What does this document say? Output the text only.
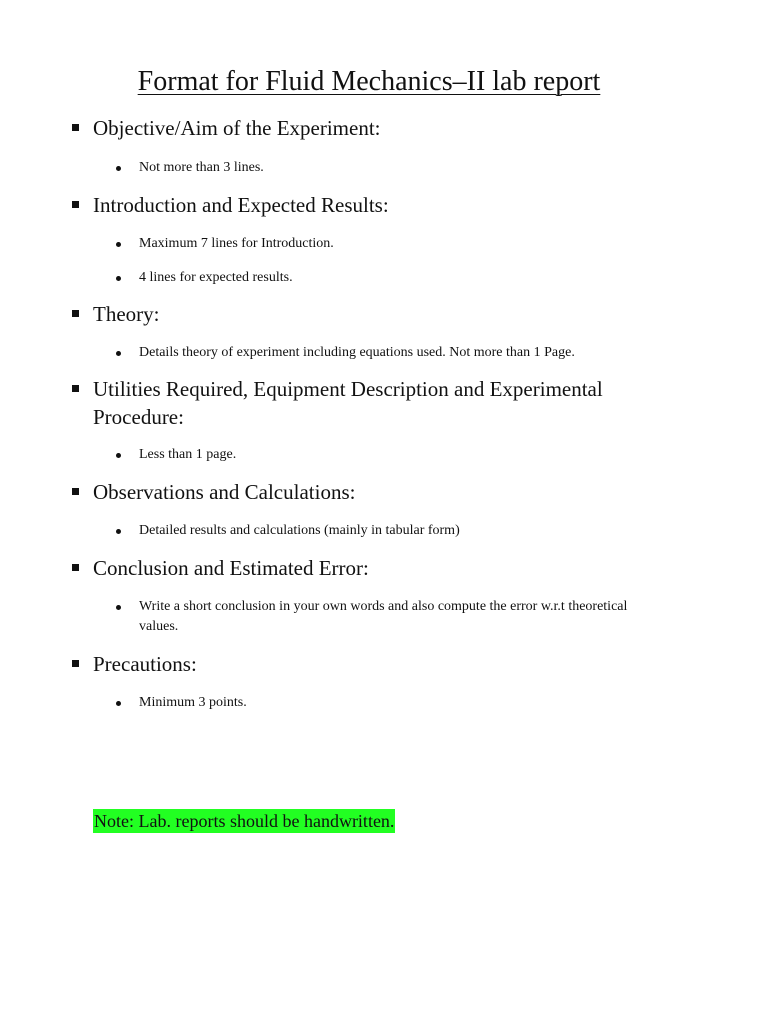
Format for Fluid Mechanics–II lab report
Objective/Aim of the Experiment:
Not more than 3 lines.
Introduction and Expected Results:
Maximum 7 lines for Introduction.
4 lines for expected results.
Theory:
Details theory of experiment including equations used. Not more than 1 Page.
Utilities Required, Equipment Description and Experimental Procedure:
Less than 1 page.
Observations and Calculations:
Detailed results and calculations (mainly in tabular form)
Conclusion and Estimated Error:
Write a short conclusion in your own words and also compute the error w.r.t theoretical values.
Precautions:
Minimum 3 points.
Note: Lab. reports should be handwritten.
